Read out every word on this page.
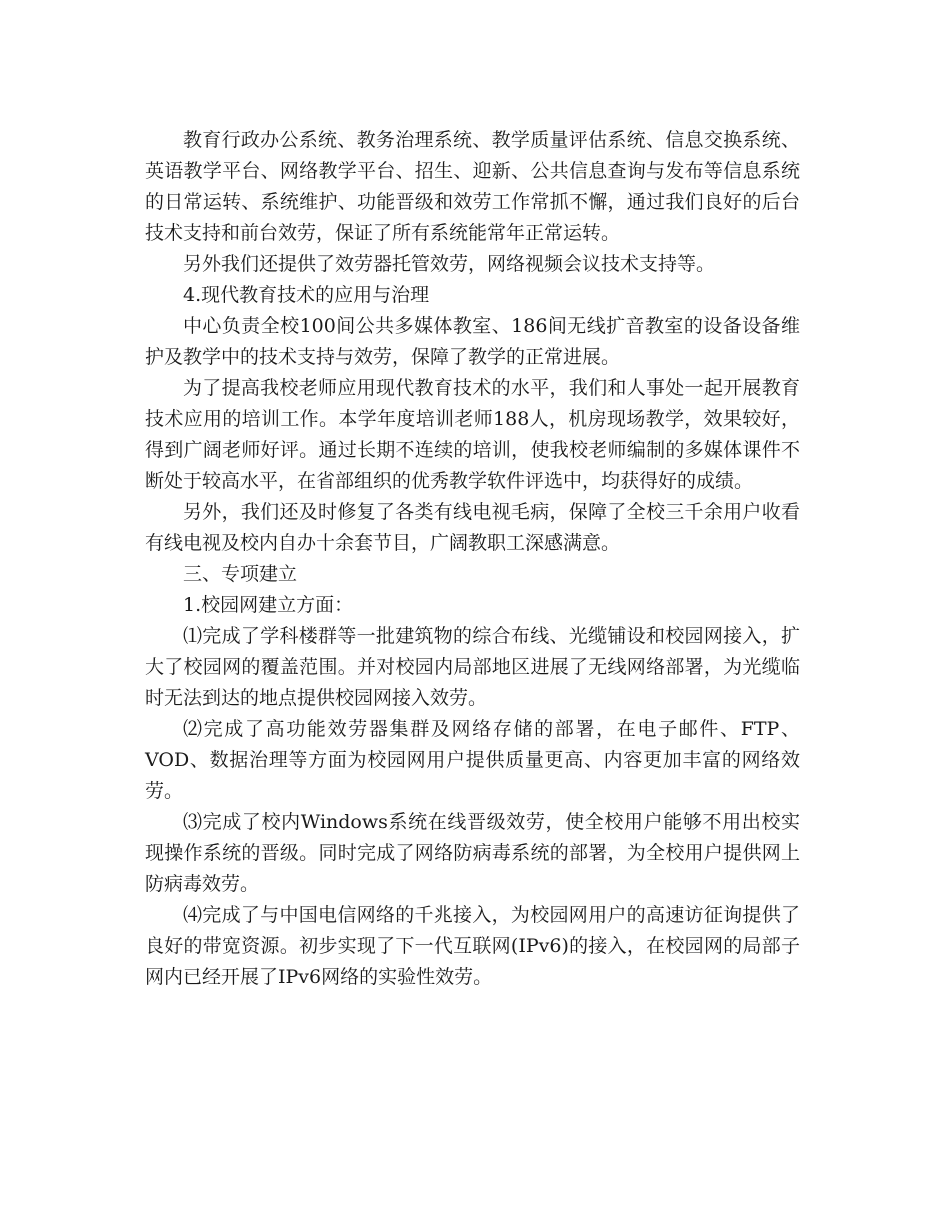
教育行政办公系统、教务治理系统、教学质量评估系统、信息交换系统、英语教学平台、网络教学平台、招生、迎新、公共信息查询与发布等信息系统的日常运转、系统维护、功能晋级和效劳工作常抓不懈，通过我们良好的后台技术支持和前台效劳，保证了所有系统能常年正常运转。

另外我们还提供了效劳器托管效劳，网络视频会议技术支持等。

4.现代教育技术的应用与治理

中心负责全校100间公共多媒体教室、186间无线扩音教室的设备设备维护及教学中的技术支持与效劳，保障了教学的正常进展。

为了提高我校老师应用现代教育技术的水平，我们和人事处一起开展教育技术应用的培训工作。本学年度培训老师188人，机房现场教学，效果较好，得到广阔老师好评。通过长期不连续的培训，使我校老师编制的多媒体课件不断处于较高水平，在省部组织的优秀教学软件评选中，均获得好的成绩。

另外，我们还及时修复了各类有线电视毛病，保障了全校三千余用户收看有线电视及校内自办十余套节目，广阔教职工深感满意。

三、专项建立

1.校园网建立方面：

⑴完成了学科楼群等一批建筑物的综合布线、光缆铺设和校园网接入，扩大了校园网的覆盖范围。并对校园内局部地区进展了无线网络部署，为光缆临时无法到达的地点提供校园网接入效劳。

⑵完成了高功能效劳器集群及网络存储的部署，在电子邮件、FTP、VOD、数据治理等方面为校园网用户提供质量更高、内容更加丰富的网络效劳。

⑶完成了校内Windows系统在线晋级效劳，使全校用户能够不用出校实现操作系统的晋级。同时完成了网络防病毒系统的部署，为全校用户提供网上防病毒效劳。

⑷完成了与中国电信网络的千兆接入，为校园网用户的高速访征询提供了良好的带宽资源。初步实现了下一代互联网(IPv6)的接入，在校园网的局部子网内已经开展了IPv6网络的实验性效劳。
